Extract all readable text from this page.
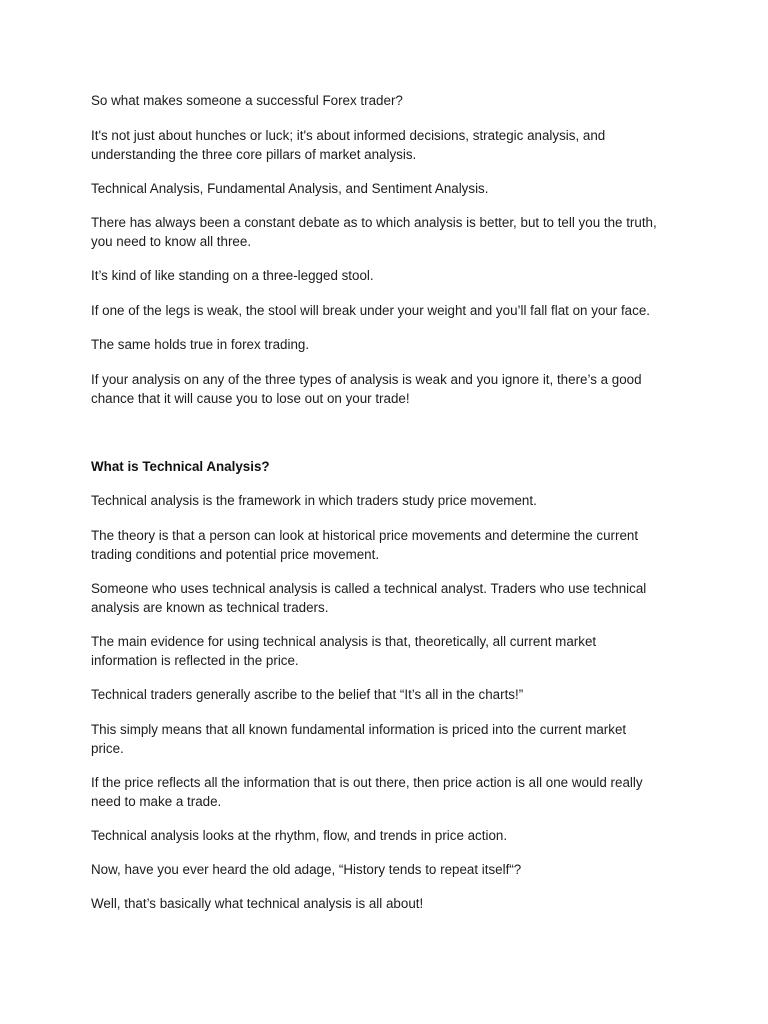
So what makes someone a successful Forex trader?

It's not just about hunches or luck; it's about informed decisions, strategic analysis, and

understanding the three core pillars of market analysis.

Technical Analysis, Fundamental Analysis, and Sentiment Analysis.

There has always been a constant debate as to which analysis is better, but to tell you the truth,

you need to know all three.

It’s kind of like standing on a three-legged stool.

If one of the legs is weak, the stool will break under your weight and you’ll fall flat on your face.

The same holds true in forex trading.

If your analysis on any of the three types of analysis is weak and you ignore it, there’s a good

chance that it will cause you to lose out on your trade!

What is Technical Analysis?

Technical analysis is the framework in which traders study price movement.

The theory is that a person can look at historical price movements and determine the current

trading conditions and potential price movement.

Someone who uses technical analysis is called a technical analyst. Traders who use technical

analysis are known as technical traders.

The main evidence for using technical analysis is that, theoretically, all current market

information is reflected in the price.

Technical traders generally ascribe to the belief that “It’s all in the charts!”

This simply means that all known fundamental information is priced into the current market

price.

If the price reflects all the information that is out there, then price action is all one would really

need to make a trade.

Technical analysis looks at the rhythm, flow, and trends in price action.

Now, have you ever heard the old adage, “History tends to repeat itself“?

Well, that’s basically what technical analysis is all about!
